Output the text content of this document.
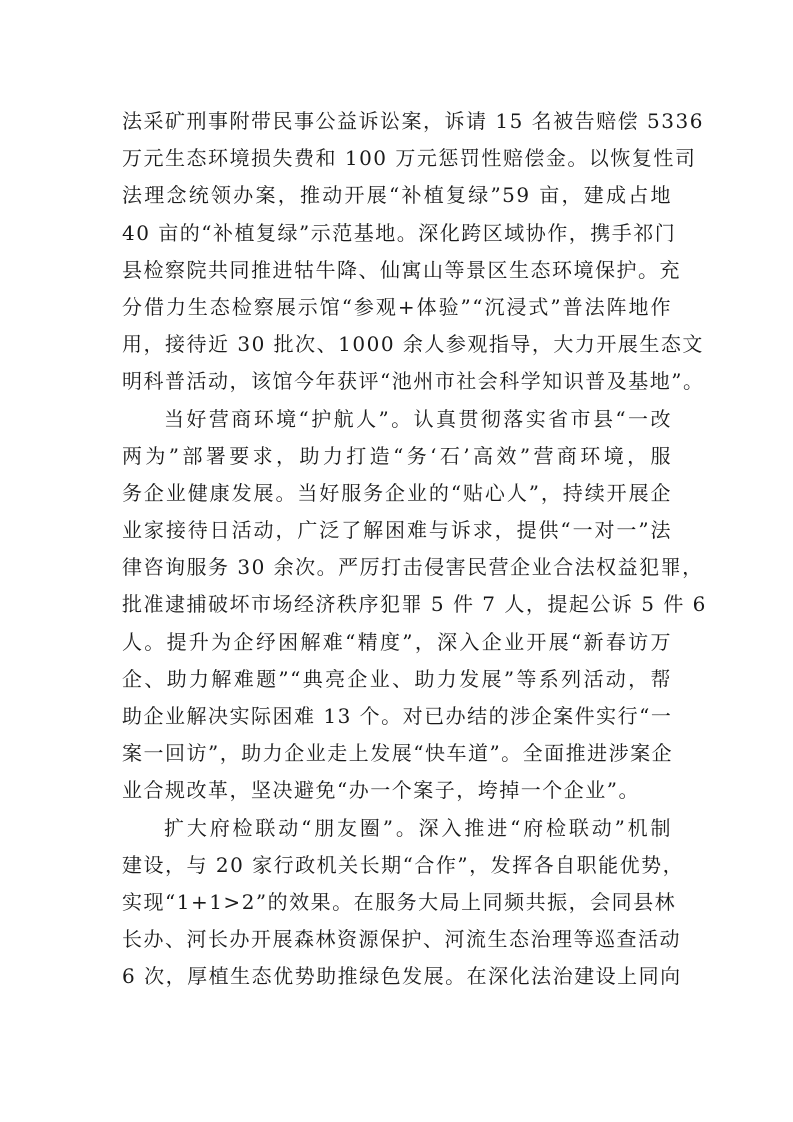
法采矿刑事附带民事公益诉讼案，诉请 15 名被告赔偿 5336
万元生态环境损失费和 100 万元惩罚性赔偿金。以恢复性司
法理念统领办案，推动开展“补植复绿”59 亩，建成占地
40 亩的“补植复绿”示范基地。深化跨区域协作，携手祁门
县检察院共同推进牯牛降、仙寓山等景区生态环境保护。充
分借力生态检察展示馆“参观+体验”“沉浸式”普法阵地作
用，接待近 30 批次、1000 余人参观指导，大力开展生态文
明科普活动，该馆今年获评“池州市社会科学知识普及基地”。
当好营商环境“护航人”。认真贯彻落实省市县“一改
两为”部署要求，助力打造“务‘石’高效”营商环境，服
务企业健康发展。当好服务企业的“贴心人”，持续开展企
业家接待日活动，广泛了解困难与诉求，提供“一对一”法
律咨询服务 30 余次。严厉打击侵害民营企业合法权益犯罪，
批准逮捕破坏市场经济秩序犯罪 5 件 7 人，提起公诉 5 件 6
人。提升为企纾困解难“精度”，深入企业开展“新春访万
企、助力解难题”“典亮企业、助力发展”等系列活动，帮
助企业解决实际困难 13 个。对已办结的涉企案件实行“一
案一回访”，助力企业走上发展“快车道”。全面推进涉案企
业合规改革，坚决避免“办一个案子，垮掉一个企业”。
扩大府检联动“朋友圈”。深入推进“府检联动”机制
建设，与 20 家行政机关长期“合作”，发挥各自职能优势，
实现“1+1>2”的效果。在服务大局上同频共振，会同县林
长办、河长办开展森林资源保护、河流生态治理等巡查活动
6 次，厚植生态优势助推绿色发展。在深化法治建设上同向
